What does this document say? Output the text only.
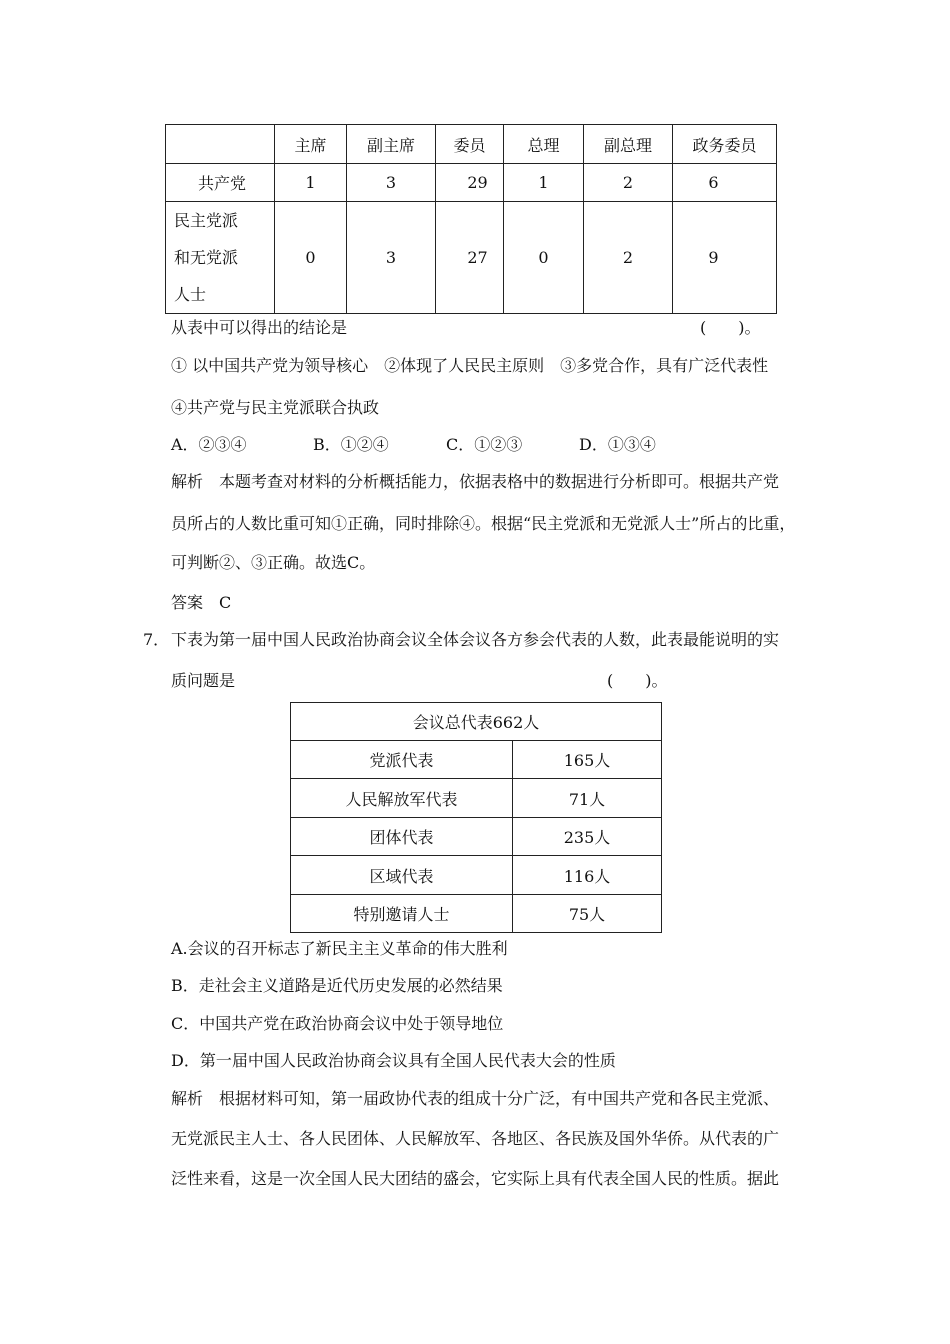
	主席	副主席	委员	总理	副总理	政务委员
共产党	1	3	29	1	2	6

民主党派
和无党派
人士	0	3	27	0	2	9
从表中可以得出的结论是	(　　)。
① 以中国共产党为领导核心　②体现了人民民主原则　③多党合作，具有广泛代表性
④共产党与民主党派联合执政
A．②③④	B．①②④	C．①②③	D．①③④
解析　本题考查对材料的分析概括能力，依据表格中的数据进行分析即可。根据共产党
员所占的人数比重可知①正确，同时排除④。根据“民主党派和无党派人士”所占的比重，
可判断②、③正确。故选C。
答案　C
7． 下表为第一届中国人民政治协商会议全体会议各方参会代表的人数，此表最能说明的实
质问题是	(　　)。
会议总代表662人	
党派代表	165人
人民解放军代表	71人
团体代表	235人
区域代表	116人
特别邀请人士	75人
A.会议的召开标志了新民主主义革命的伟大胜利
B．走社会主义道路是近代历史发展的必然结果
C．中国共产党在政治协商会议中处于领导地位
D．第一届中国人民政治协商会议具有全国人民代表大会的性质
解析　根据材料可知，第一届政协代表的组成十分广泛，有中国共产党和各民主党派、
无党派民主人士、各人民团体、人民解放军、各地区、各民族及国外华侨。从代表的广
泛性来看，这是一次全国人民大团结的盛会，它实际上具有代表全国人民的性质。据此
